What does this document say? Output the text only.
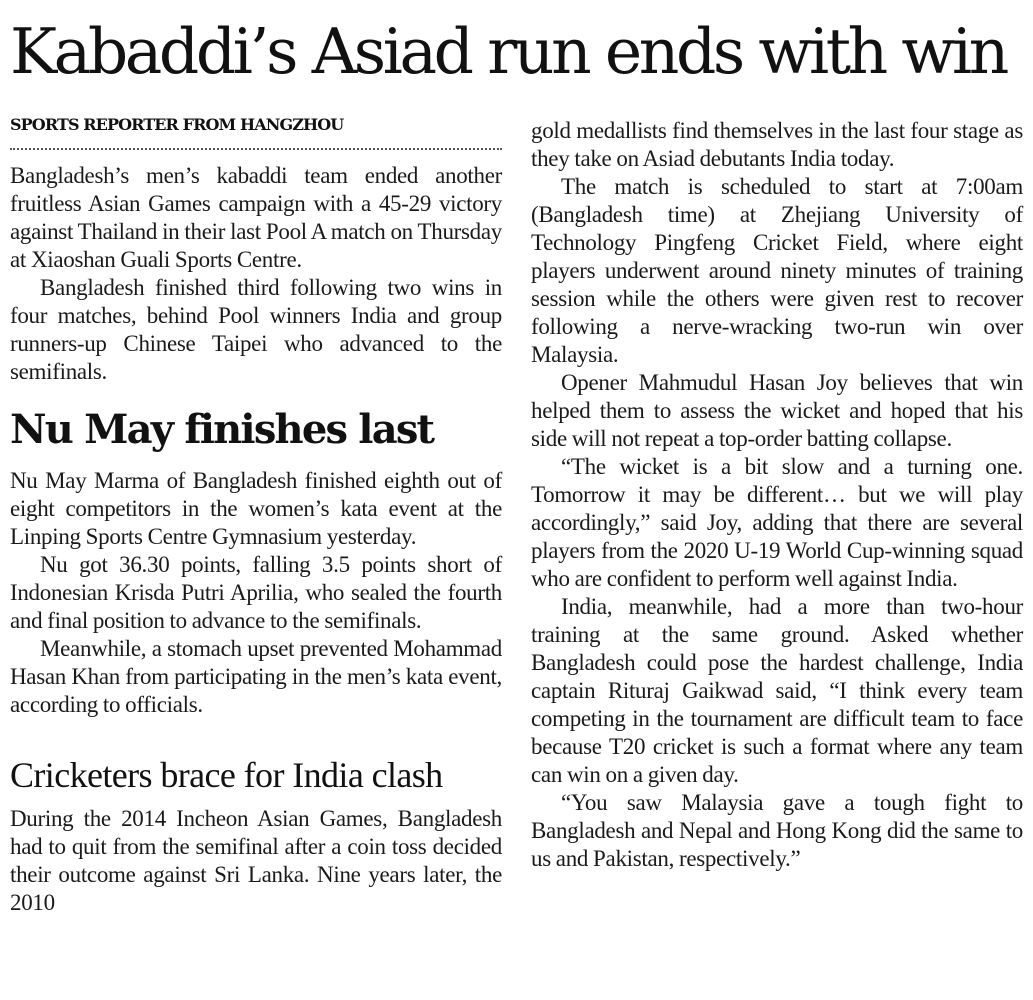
Kabaddi’s Asiad run ends with win
SPORTS REPORTER FROM HANGZHOU

Bangladesh’s men’s kabaddi team ended another fruitless Asian Games campaign with a 45-29 victory against Thailand in their last Pool A match on Thursday at Xiaoshan Guali Sports Centre.

Bangladesh finished third following two wins in four matches, behind Pool winners India and group runners-up Chinese Taipei who advanced to the semifinals.

Nu May finishes last

Nu May Marma of Bangladesh finished eighth out of eight competitors in the women’s kata event at the Linping Sports Centre Gymnasium yesterday.

Nu got 36.30 points, falling 3.5 points short of Indonesian Krisda Putri Aprilia, who sealed the fourth and final position to advance to the semifinals.

Meanwhile, a stomach upset prevented Mohammad Hasan Khan from participating in the men’s kata event, according to officials.

Cricketers brace for India clash

During the 2014 Incheon Asian Games, Bangladesh had to quit from the semifinal after a coin toss decided their outcome against Sri Lanka. Nine years later, the 2010

gold medallists find themselves in the last four stage as they take on Asiad debutants India today.

The match is scheduled to start at 7:00am (Bangladesh time) at Zhejiang University of Technology Pingfeng Cricket Field, where eight players underwent around ninety minutes of training session while the others were given rest to recover following a nerve-wracking two-run win over Malaysia.

Opener Mahmudul Hasan Joy believes that win helped them to assess the wicket and hoped that his side will not repeat a top-order batting collapse.

“The wicket is a bit slow and a turning one. Tomorrow it may be different… but we will play accordingly,” said Joy, adding that there are several players from the 2020 U-19 World Cup-winning squad who are confident to perform well against India.

India, meanwhile, had a more than two-hour training at the same ground. Asked whether Bangladesh could pose the hardest challenge, India captain Rituraj Gaikwad said, “I think every team competing in the tournament are difficult team to face because T20 cricket is such a format where any team can win on a given day.

“You saw Malaysia gave a tough fight to Bangladesh and Nepal and Hong Kong did the same to us and Pakistan, respectively.”
